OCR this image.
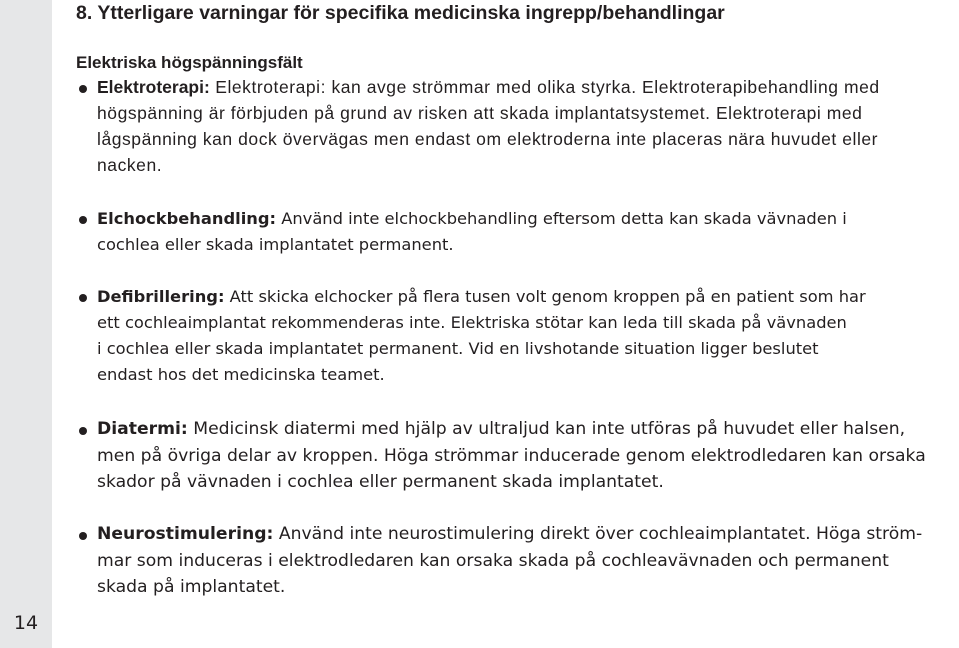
14
8. Ytterligare varningar för specifika medicinska ingrepp/behandlingar
Elektriska högspänningsfält
Elektroterapi: Elektroterapi: kan avge strömmar med olika styrka. Elektroterapibehandling med
högspänning är förbjuden på grund av risken att skada implantatsystemet. Elektroterapi med
lågspänning kan dock övervägas men endast om elektroderna inte placeras nära huvudet eller
nacken.
Elchockbehandling: Använd inte elchockbehandling eftersom detta kan skada vävnaden i
cochlea eller skada implantatet permanent.
Defibrillering: Att skicka elchocker på flera tusen volt genom kroppen på en patient som har
ett cochleaimplantat rekommenderas inte. Elektriska stötar kan leda till skada på vävnaden
i cochlea eller skada implantatet permanent. Vid en livshotande situation ligger beslutet
endast hos det medicinska teamet.
Diatermi: Medicinsk diatermi med hjälp av ultraljud kan inte utföras på huvudet eller halsen,
men på övriga delar av kroppen. Höga strömmar inducerade genom elektrodledaren kan orsaka
skador på vävnaden i cochlea eller permanent skada implantatet.
Neurostimulering: Använd inte neurostimulering direkt över cochleaimplantatet. Höga ström-
mar som induceras i elektrodledaren kan orsaka skada på cochleavävnaden och permanent
skada på implantatet.
